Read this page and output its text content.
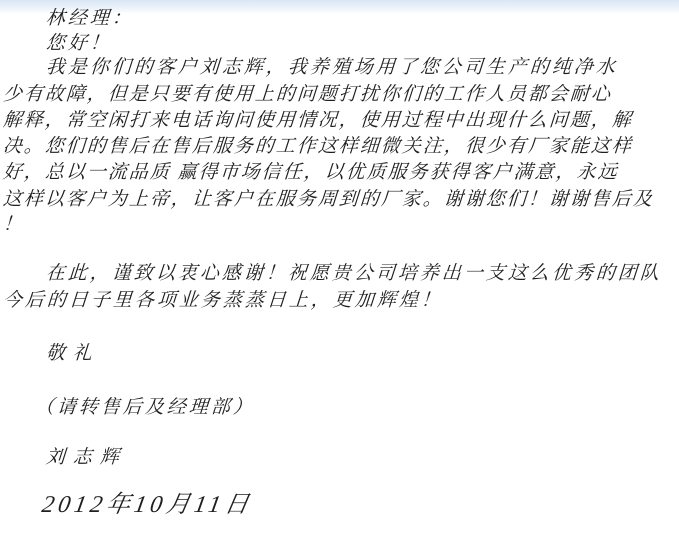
林经理：
您好！
我是你们的客户刘志辉，我养殖场用了您公司生产的纯净水
少有故障，但是只要有使用上的问题打扰你们的工作人员都会耐心
解释，常空闲打来电话询问使用情况，使用过程中出现什么问题，解
决。您们的售后在售后服务的工作这样细微关注，很少有厂家能这样
好，总以一流品质 赢得市场信任，以优质服务获得客户满意，永远
这样以客户为上帝，让客户在服务周到的厂家。谢谢您们！谢谢售后及
！
在此，谨致以衷心感谢！祝愿贵公司培养出一支这么优秀的团队
今后的日子里各项业务蒸蒸日上，更加辉煌！
敬礼
（请转售后及经理部）
刘志辉
2012年10月11日
